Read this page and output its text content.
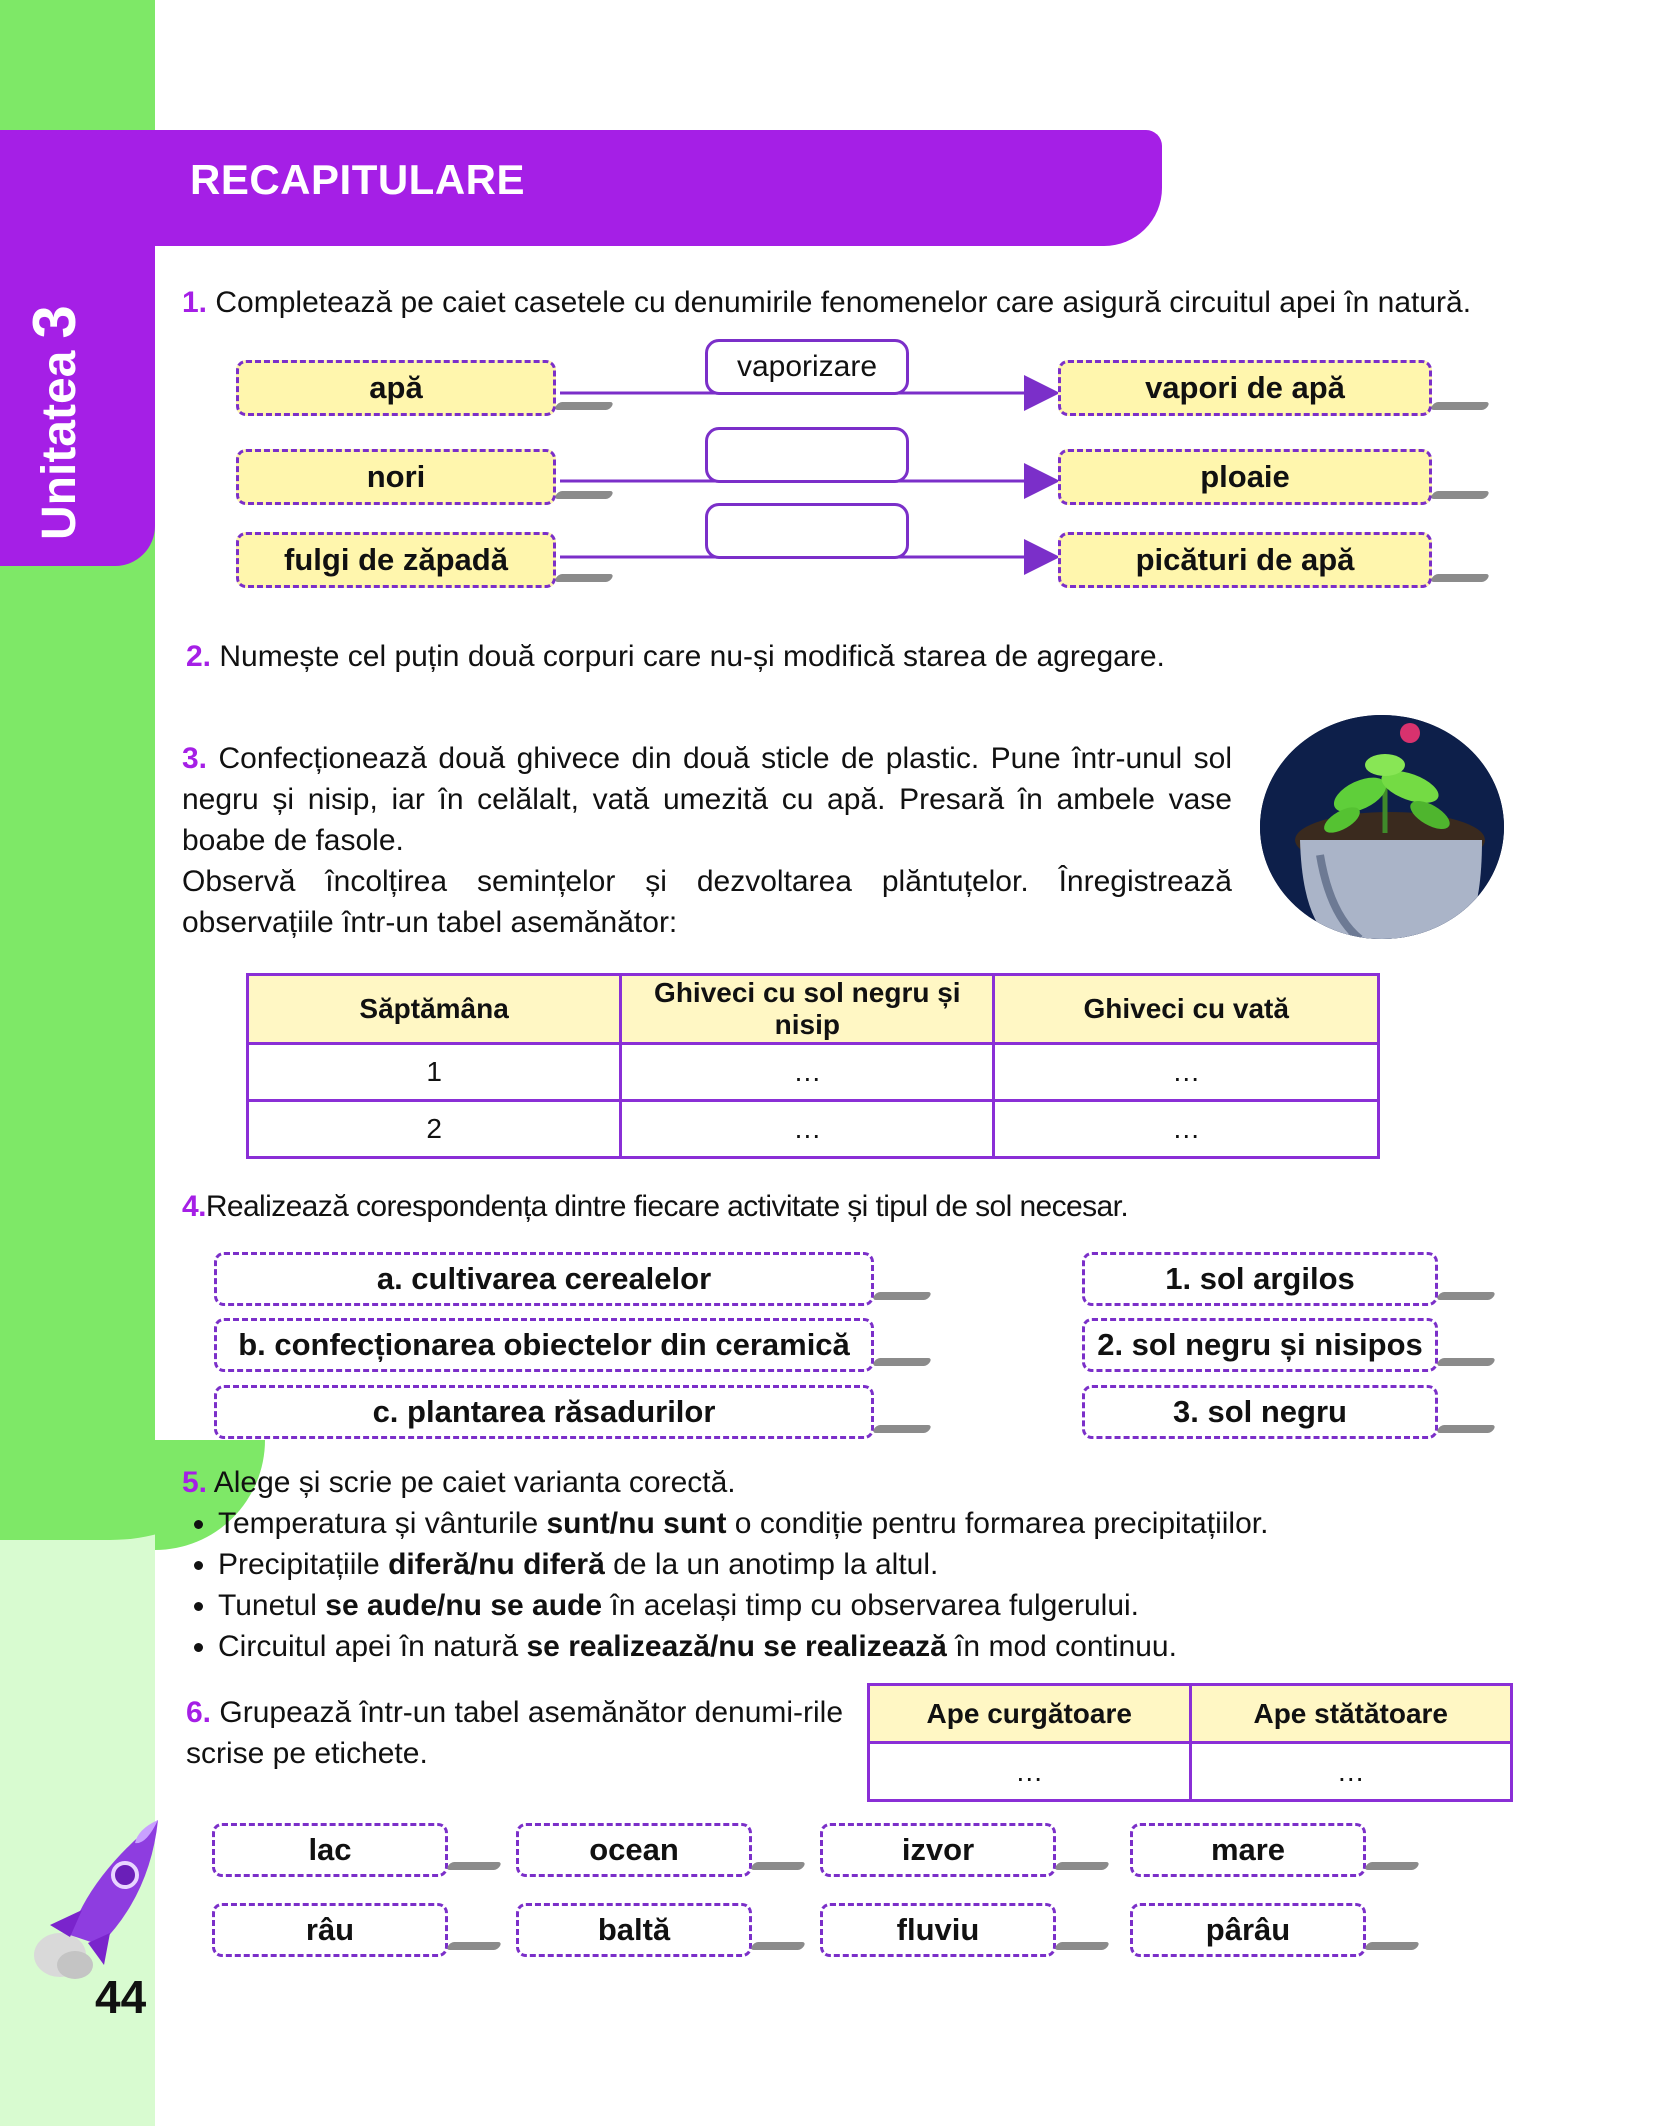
RECAPITULARE
Unitatea3
1. Completează pe caiet casetele cu denumirile fenomenelor care asigură circuitul apei în natură.
apă
nori
fulgi de zăpadă
vapori de apă
ploaie
picături de apă
vaporizare
2. Numește cel puțin două corpuri care nu-și modifică starea de agregare.
3. Confecționează două ghivece din două sticle de plastic. Pune într-unul sol negru și nisip, iar în celălalt, vată umezită cu apă. Presară în ambele vase boabe de fasole.
Observă încolțirea semințelor și dezvoltarea plăntuțelor. Înregistrează observațiile într-un tabel asemănător:
Săptămâna	Ghiveci cu sol negru și nisip	Ghiveci cu vată
1	…	…
2	…	…
4.Realizează corespondența dintre fiecare activitate și tipul de sol necesar.
a. cultivarea cerealelor
b. confecționarea obiectelor din ceramică
c. plantarea răsadurilor
1. sol argilos
2. sol negru și nisipos
3. sol negru
5. Alege și scrie pe caiet varianta corectă.
• Temperatura și vânturile sunt/nu sunt o condiție pentru formarea precipitațiilor.
• Precipitațiile diferă/nu diferă de la un anotimp la altul.
• Tunetul se aude/nu se aude în același timp cu observarea fulgerului.
• Circuitul apei în natură se realizează/nu se realizează în mod continuu.
6. Grupează într-un tabel asemănător denumi-rile scrise pe etichete.
Ape curgătoare	Ape stătătoare
…	…
lac	ocean	izvor	mare
râu	baltă	fluviu	pârâu
44
